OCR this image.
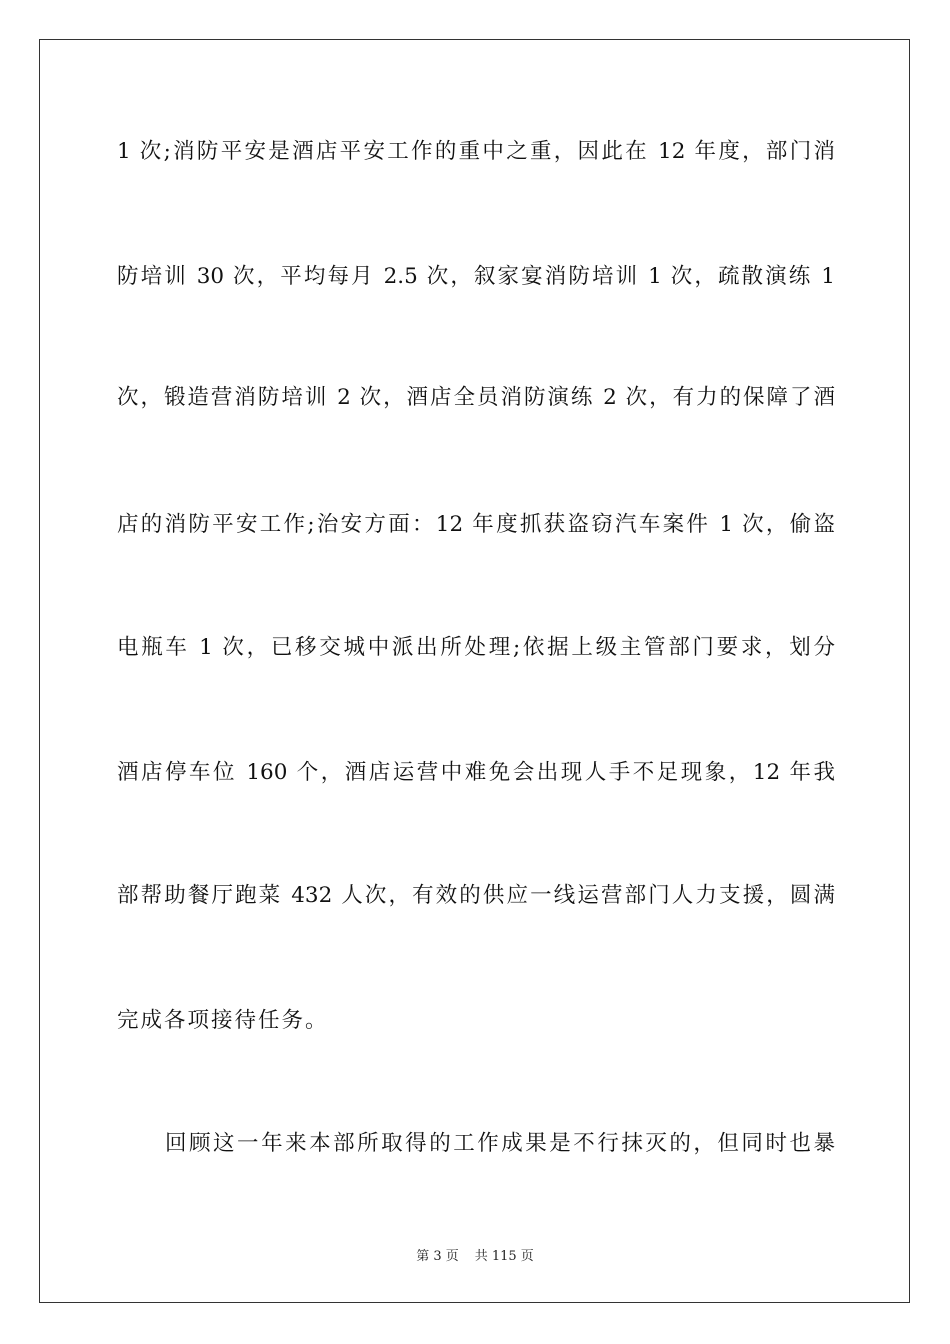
1 次;消防平安是酒店平安工作的重中之重，因此在 12 年度，部门消
防培训 30 次，平均每月 2.5 次，叙家宴消防培训 1 次，疏散演练 1
次，锻造营消防培训 2 次，酒店全员消防演练 2 次，有力的保障了酒
店的消防平安工作;治安方面：12 年度抓获盗窃汽车案件 1 次，偷盗
电瓶车 1 次，已移交城中派出所处理;依据上级主管部门要求，划分
酒店停车位 160 个，酒店运营中难免会出现人手不足现象，12 年我
部帮助餐厅跑菜 432 人次，有效的供应一线运营部门人力支援，圆满
完成各项接待任务。
回顾这一年来本部所取得的工作成果是不行抹灭的，但同时也暴
第 3 页 共 115 页
